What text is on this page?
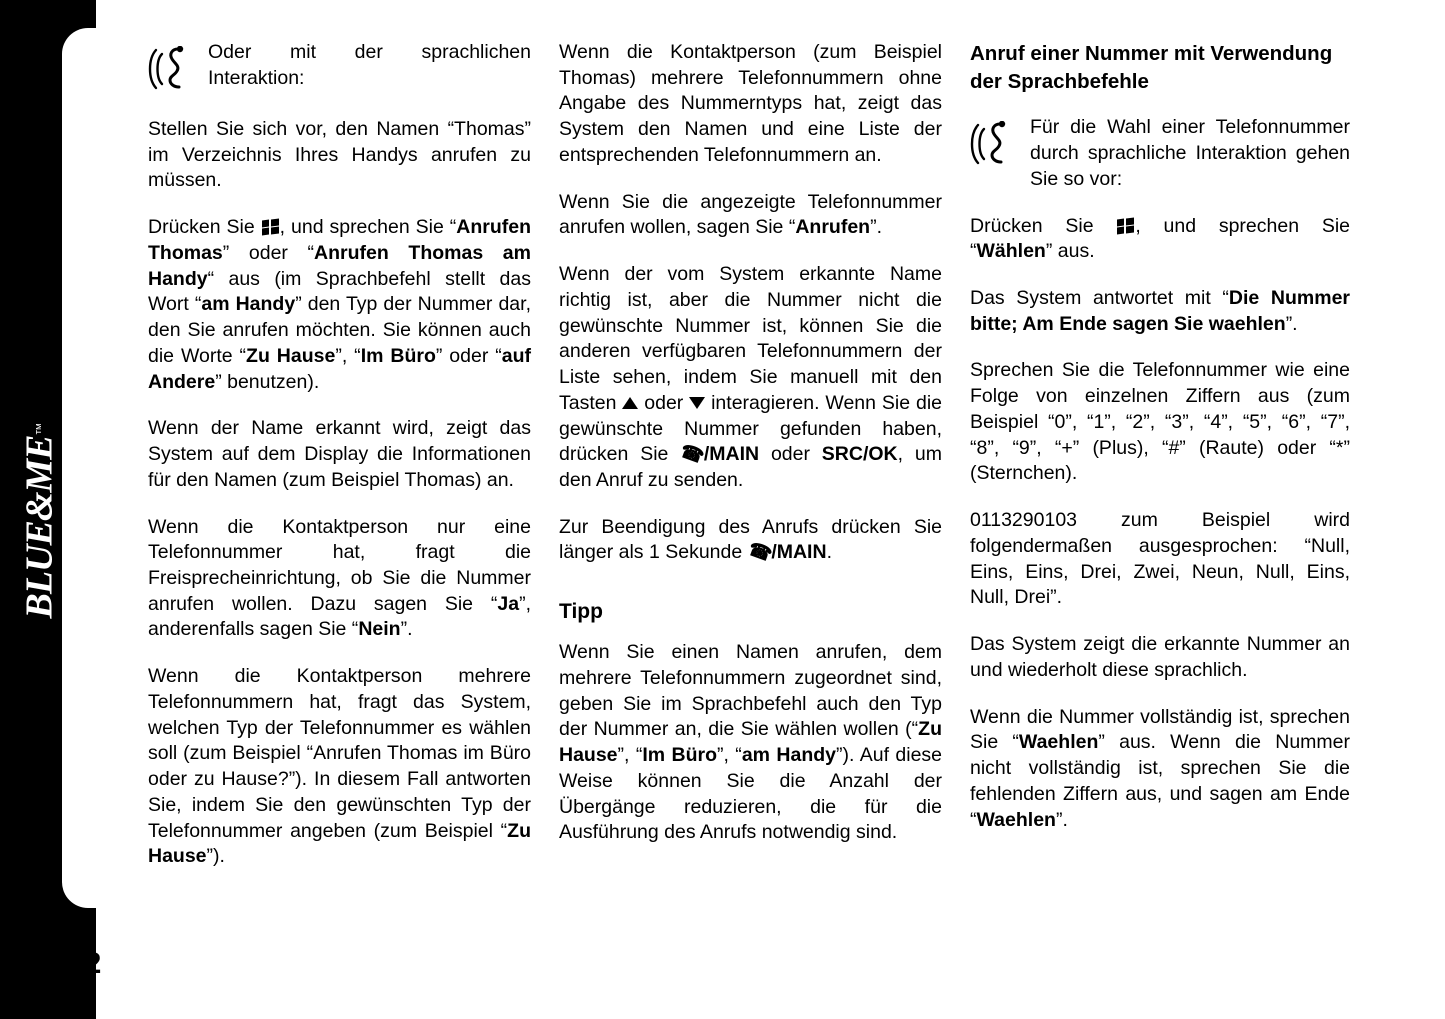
BLUE&ME™
nav
22

Oder mit der sprachlichen Interaktion:

Stellen Sie sich vor, den Namen “Thomas” im Verzeichnis Ihres Handys anrufen zu müssen.

Drücken Sie
, und sprechen Sie “Anrufen Thomas” oder “Anrufen Thomas am Handy“ aus (im Sprachbefehl stellt das Wort “am Handy” den Typ der Nummer dar, den Sie anrufen möchten. Sie können auch die Worte “Zu Hause”, “Im Büro” oder “auf Andere” benutzen).

Wenn der Name erkannt wird, zeigt das System auf dem Display die Informationen für den Namen (zum Beispiel Thomas) an.

Wenn die Kontaktperson nur eine Telefonnummer hat, fragt die Freisprecheinrichtung, ob Sie die Nummer anrufen wollen. Dazu sagen Sie “Ja”, anderenfalls sagen Sie “Nein”.

Wenn die Kontaktperson mehrere Telefonnummern hat, fragt das System, welchen Typ der Telefonnummer es wählen soll (zum Beispiel “Anrufen Thomas im Büro oder zu Hause?”). In diesem Fall antworten Sie, indem Sie den gewünschten Typ der Telefonnummer angeben (zum Beispiel “Zu Hause”).

Wenn die Kontaktperson (zum Beispiel Thomas) mehrere Telefonnummern ohne Angabe des Nummerntyps hat, zeigt das System den Namen und eine Liste der entsprechenden Telefonnummern an.

Wenn Sie die angezeigte Telefonnummer anrufen wollen, sagen Sie “Anrufen”.

Wenn der vom System erkannte Name richtig ist, aber die Nummer nicht die gewünschte Nummer ist, können Sie die anderen verfügbaren Telefonnummern der Liste sehen, indem Sie manuell mit den Tasten  oder  interagieren. Wenn Sie die gewünschte Nummer gefunden haben, drücken Sie ☎/MAIN oder SRC/OK, um den Anruf zu senden.

Zur Beendigung des Anrufs drücken Sie länger als 1 Sekunde ☎/MAIN.

Tipp

Wenn Sie einen Namen anrufen, dem mehrere Telefonnummern zugeordnet sind, geben Sie im Sprachbefehl auch den Typ der Nummer an, die Sie wählen wollen (“Zu Hause”, “Im Büro”, “am Handy”). Auf diese Weise können Sie die Anzahl der Übergänge reduzieren, die für die Ausführung des Anrufs notwendig sind.

Anruf einer Nummer mit Verwendung der Sprachbefehle

Für die Wahl einer Telefonnummer durch sprachliche Interaktion gehen Sie so vor:

Drücken Sie
, und sprechen Sie “Wählen” aus.

Das System antwortet mit “Die Nummer bitte; Am Ende sagen Sie waehlen”.

Sprechen Sie die Telefonnummer wie eine Folge von einzelnen Ziffern aus (zum Beispiel “0”, “1”, “2”, “3”, “4”, “5”, “6”, “7”, “8”, “9”, “+” (Plus), “#” (Raute) oder “*” (Sternchen).

0113290103 zum Beispiel wird folgendermaßen ausgesprochen: “Null, Eins, Eins, Drei, Zwei, Neun, Null, Eins, Null, Drei”.

Das System zeigt die erkannte Nummer an und wiederholt diese sprachlich.

Wenn die Nummer vollständig ist, sprechen Sie “Waehlen” aus. Wenn die Nummer nicht vollständig ist, sprechen Sie die fehlenden Ziffern aus, und sagen am Ende “Waehlen”.
